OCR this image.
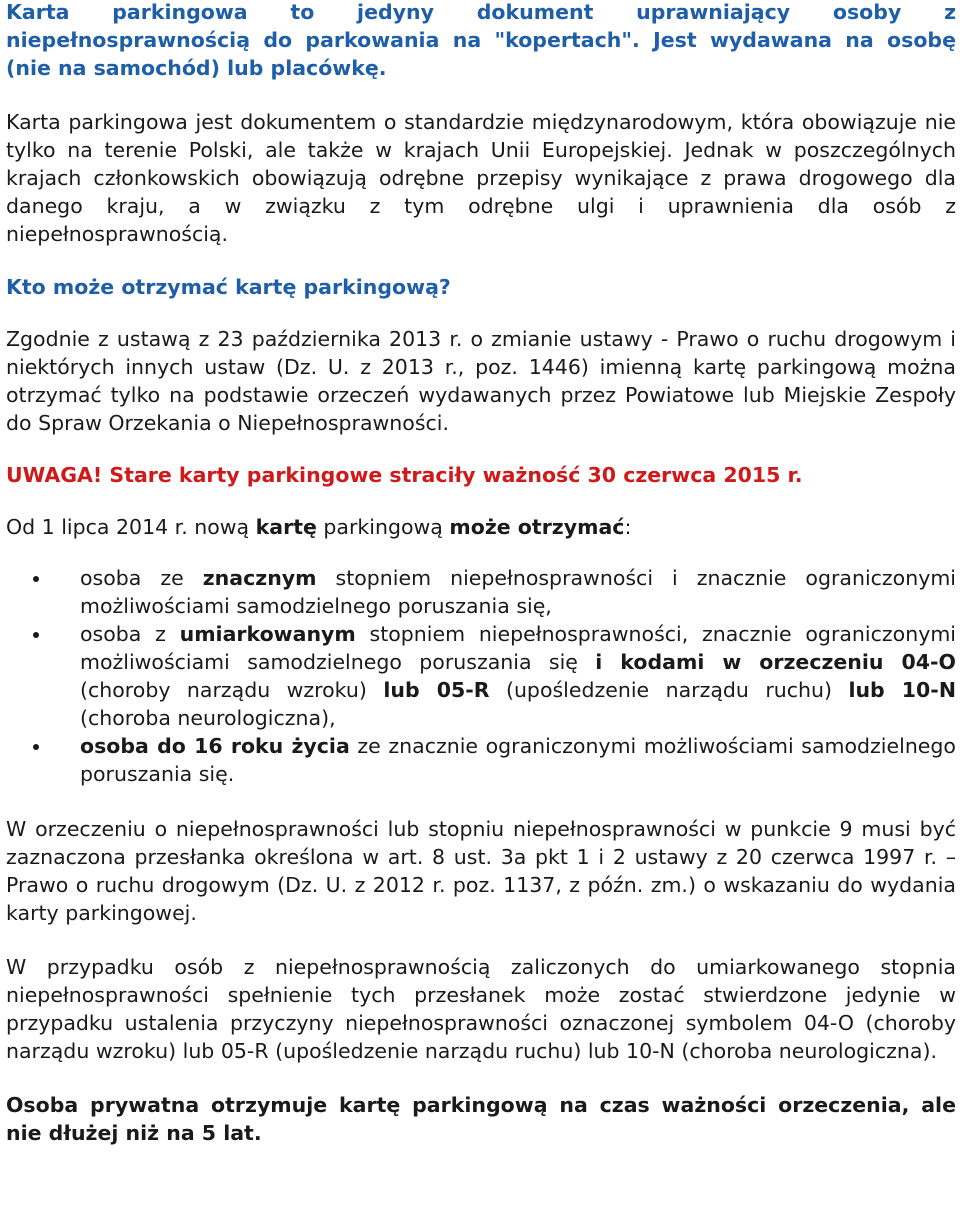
Karta parkingowa to jedyny dokument uprawniający osoby z niepełnosprawnością do parkowania na "kopertach". Jest wydawana na osobę (nie na samochód) lub placówkę.

Karta parkingowa jest dokumentem o standardzie międzynarodowym, która obowiązuje nie tylko na terenie Polski, ale także w krajach Unii Europejskiej. Jednak w poszczególnych krajach członkowskich obowiązują odrębne przepisy wynikające z prawa drogowego dla danego kraju, a w związku z tym odrębne ulgi i uprawnienia dla osób z niepełnosprawnością.

Kto może otrzymać kartę parkingową?

Zgodnie z ustawą z 23 października 2013 r. o zmianie ustawy - Prawo o ruchu drogowym i niektórych innych ustaw (Dz. U. z 2013 r., poz. 1446) imienną kartę parkingową można otrzymać tylko na podstawie orzeczeń wydawanych przez Powiatowe lub Miejskie Zespoły do Spraw Orzekania o Niepełnosprawności.

UWAGA! Stare karty parkingowe straciły ważność 30 czerwca 2015 r.

Od 1 lipca 2014 r. nową kartę parkingową może otrzymać:

osoba ze znacznym stopniem niepełnosprawności i znacznie ograniczonymi możliwościami samodzielnego poruszania się,
osoba z umiarkowanym stopniem niepełnosprawności, znacznie ograniczonymi możliwościami samodzielnego poruszania się i kodami w orzeczeniu 04-O (choroby narządu wzroku) lub 05-R (upośledzenie narządu ruchu) lub 10-N (choroba neurologiczna),
osoba do 16 roku życia ze znacznie ograniczonymi możliwościami samodzielnego poruszania się.

W orzeczeniu o niepełnosprawności lub stopniu niepełnosprawności w punkcie 9 musi być zaznaczona przesłanka określona w art. 8 ust. 3a pkt 1 i 2 ustawy z 20 czerwca 1997 r. – Prawo o ruchu drogowym (Dz. U. z 2012 r. poz. 1137, z późn. zm.) o wskazaniu do wydania karty parkingowej.

W przypadku osób z niepełnosprawnością zaliczonych do umiarkowanego stopnia niepełnosprawności spełnienie tych przesłanek może zostać stwierdzone jedynie w przypadku ustalenia przyczyny niepełnosprawności oznaczonej symbolem 04-O (choroby narządu wzroku) lub 05-R (upośledzenie narządu ruchu) lub 10-N (choroba neurologiczna).

Osoba prywatna otrzymuje kartę parkingową na czas ważności orzeczenia, ale nie dłużej niż na 5 lat.
